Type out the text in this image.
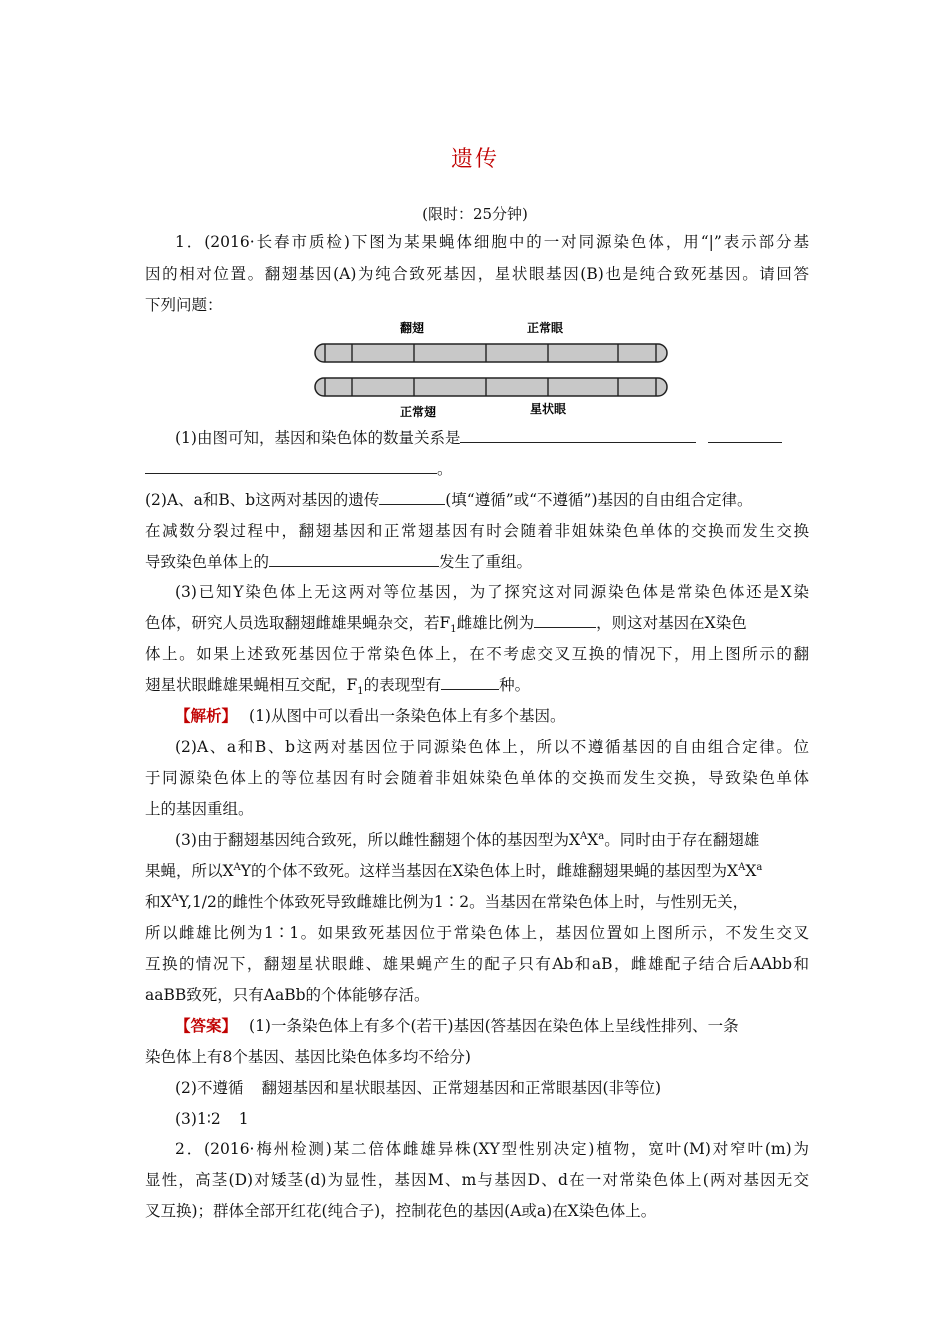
遗传
(限时：25分钟)
1．(2016·长春市质检)下图为某果蝇体细胞中的一对同源染色体，用“|”表示部分基
因的相对位置。翻翅基因(A)为纯合致死基因，星状眼基因(B)也是纯合致死基因。请回答
下列问题：
翻翅	正常眼
正常翅	星状眼
(1)由图可知，基因和染色体的数量关系是
。
(2)A、a和B、b这两对基因的遗传	(填“遵循”或“不遵循”)基因的自由组合定律。
在减数分裂过程中，翻翅基因和正常翅基因有时会随着非姐妹染色单体的交换而发生交换
导致染色单体上的	发生了重组。
(3)已知Y染色体上无这两对等位基因，为了探究这对同源染色体是常染色体还是X染
色体，研究人员选取翻翅雌雄果蝇杂交，若$F_1$雌雄比例为	，则这对基因在X染色
体上。如果上述致死基因位于常染色体上，在不考虑交叉互换的情况下，用上图所示的翻
翅星状眼雌雄果蝇相互交配，$F_1$的表现型有	种。
【解析】 (1)从图中可以看出一条染色体上有多个基因。
(2)A、a和B、b这两对基因位于同源染色体上，所以不遵循基因的自由组合定律。位
于同源染色体上的等位基因有时会随着非姐妹染色单体的交换而发生交换，导致染色单体
上的基因重组。
(3)由于翻翅基因纯合致死，所以雌性翻翅个体的基因型为$X^AX^a$。同时由于存在翻翅雄
果蝇，所以$X^AY$的个体不致死。这样当基因在X染色体上时，雌雄翻翅果蝇的基因型为$X^AX^a$
和$X^AY,1/2$的雌性个体致死导致雌雄比例为1∶2。当基因在常染色体上时，与性别无关，
所以雌雄比例为1∶1。如果致死基因位于常染色体上，基因位置如上图所示，不发生交叉
互换的情况下，翻翅星状眼雌、雄果蝇产生的配子只有Ab和aB，雌雄配子结合后AAbb和
aaBB致死，只有AaBb的个体能够存活。
【答案】 (1)一条染色体上有多个(若干)基因(答基因在染色体上呈线性排列、一条
染色体上有8个基因、基因比染色体多均不给分)
(2)不遵循 翻翅基因和星状眼基因、正常翅基因和正常眼基因(非等位)
(3)1∶2 1
2．(2016·梅州检测)某二倍体雌雄异株(XY型性别决定)植物，宽叶(M)对窄叶(m)为
显性，高茎(D)对矮茎(d)为显性，基因M、m与基因D、d在一对常染色体上(两对基因无交
叉互换)；群体全部开红花(纯合子)，控制花色的基因(A或a)在X染色体上。
